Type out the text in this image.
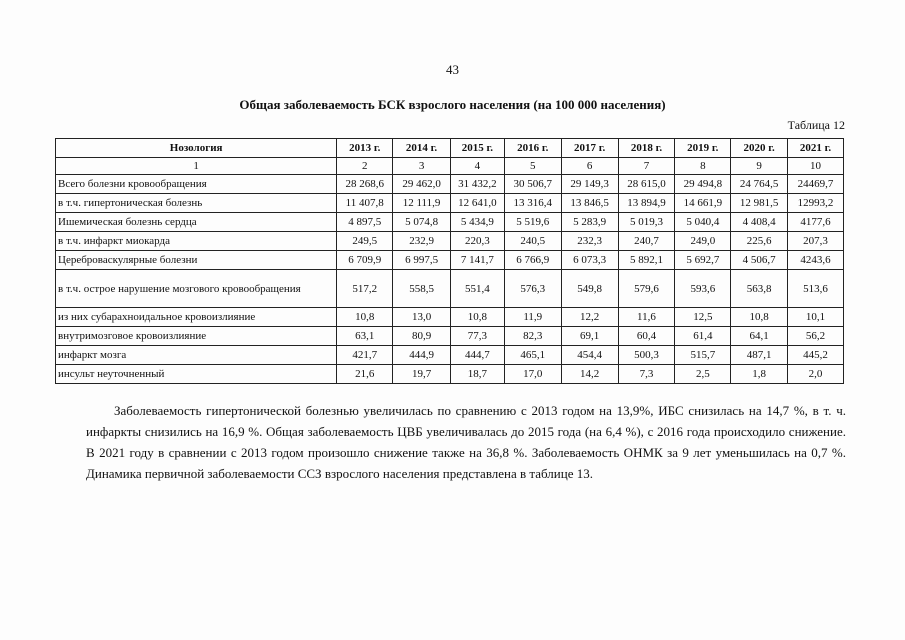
43
Общая заболеваемость БСК взрослого населения (на 100 000 населения)
Таблица 12
Нозология	2013 г.	2014 г.	2015 г.	2016 г.	2017 г.	2018 г.	2019 г.	2020 г.	2021 г.
1	2	3	4	5	6	7	8	9	10
Всего болезни кровообращения	28 268,6	29 462,0	31 432,2	30 506,7	29 149,3	28 615,0	29 494,8	24 764,5	24469,7
в т.ч. гипертоническая болезнь	11 407,8	12 111,9	12 641,0	13 316,4	13 846,5	13 894,9	14 661,9	12 981,5	12993,2
Ишемическая болезнь сердца	4 897,5	5 074,8	5 434,9	5 519,6	5 283,9	5 019,3	5 040,4	4 408,4	4177,6
в т.ч. инфаркт миокарда	249,5	232,9	220,3	240,5	232,3	240,7	249,0	225,6	207,3
Цереброваскулярные болезни	6 709,9	6 997,5	7 141,7	6 766,9	6 073,3	5 892,1	5 692,7	4 506,7	4243,6
в т.ч. острое нарушение мозгового кровообращения	517,2	558,5	551,4	576,3	549,8	579,6	593,6	563,8	513,6
из них субарахноидальное кровоизлияние	10,8	13,0	10,8	11,9	12,2	11,6	12,5	10,8	10,1
внутримозговое кровоизлияние	63,1	80,9	77,3	82,3	69,1	60,4	61,4	64,1	56,2
инфаркт мозга	421,7	444,9	444,7	465,1	454,4	500,3	515,7	487,1	445,2
инсульт неуточненный	21,6	19,7	18,7	17,0	14,2	7,3	2,5	1,8	2,0

Заболеваемость гипертонической болезнью увеличилась по сравнению с 2013 годом на 13,9%, ИБС снизилась на 14,7 %, в т. ч. инфаркты снизились на 16,9 %. Общая заболеваемость ЦВБ увеличивалась до 2015 года (на 6,4 %), с 2016 года происходило снижение. В 2021 году в сравнении с 2013 годом произошло снижение также на 36,8 %. Заболеваемость ОНМК за 9 лет уменьшилась на 0,7 %. Динамика первичной заболеваемости ССЗ взрослого населения представлена в таблице 13.
